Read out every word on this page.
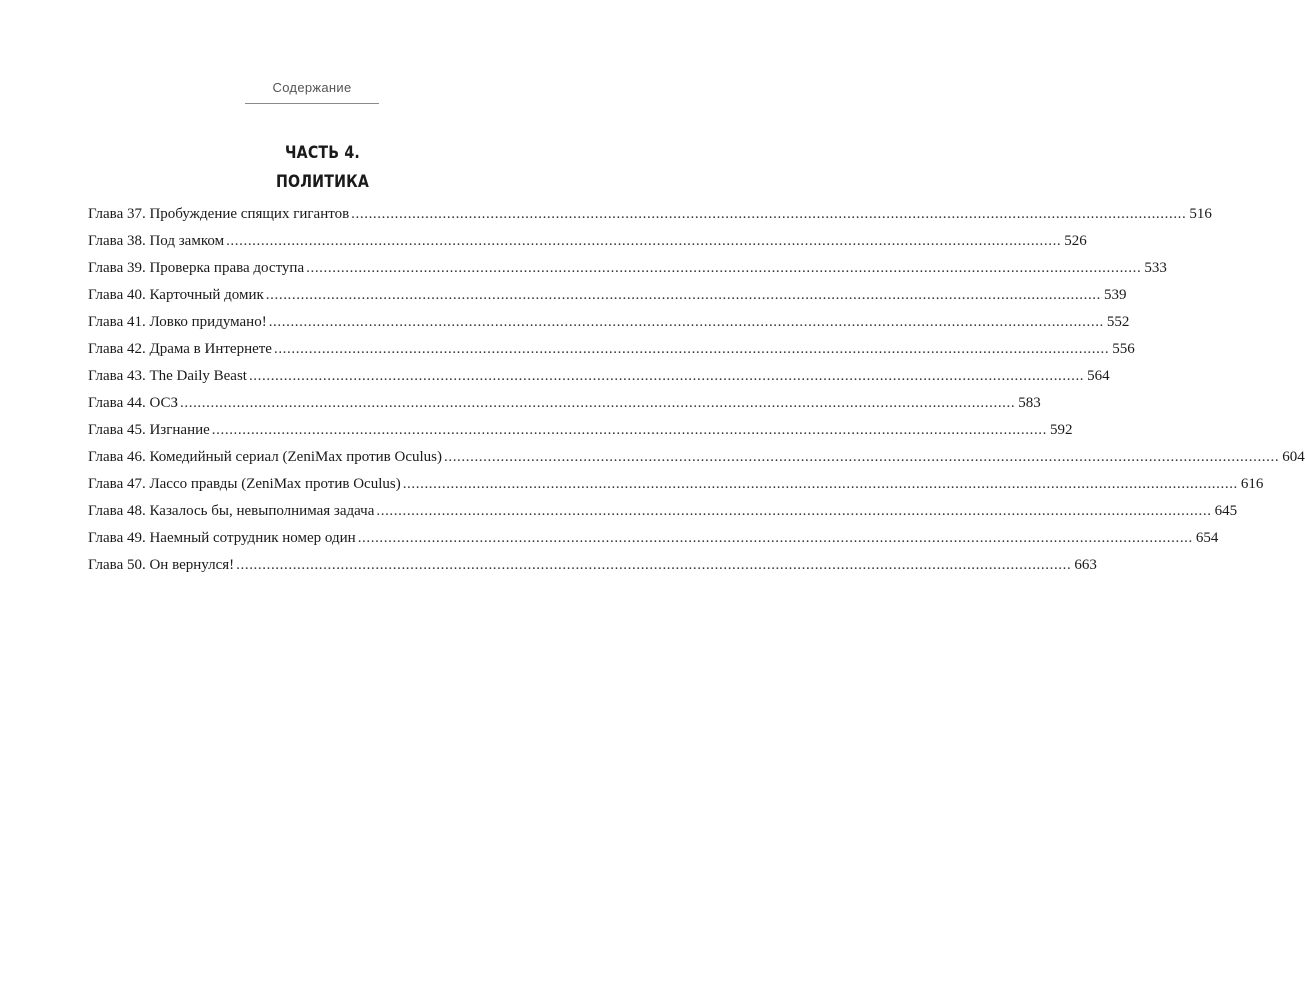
Содержание
ЧАСТЬ 4.
ПОЛИТИКА
Глава 37. Пробуждение спящих гигантов .....	516
Глава 38. Под замком .....	526
Глава 39. Проверка права доступа .....	533
Глава 40. Карточный домик .....	539
Глава 41. Ловко придумано! .....	552
Глава 42. Драма в Интернете .....	556
Глава 43. The Daily Beast .....	564
Глава 44. ОСЗ .....	583
Глава 45. Изгнание .....	592
Глава 46. Комедийный сериал (ZeniMax против Oculus) .....	604
Глава 47. Лассо правды (ZeniMax против Oculus) .....	616
Глава 48. Казалось бы, невыполнимая задача .....	645
Глава 49. Наемный сотрудник номер один .....	654
Глава 50. Он вернулся! .....	663
